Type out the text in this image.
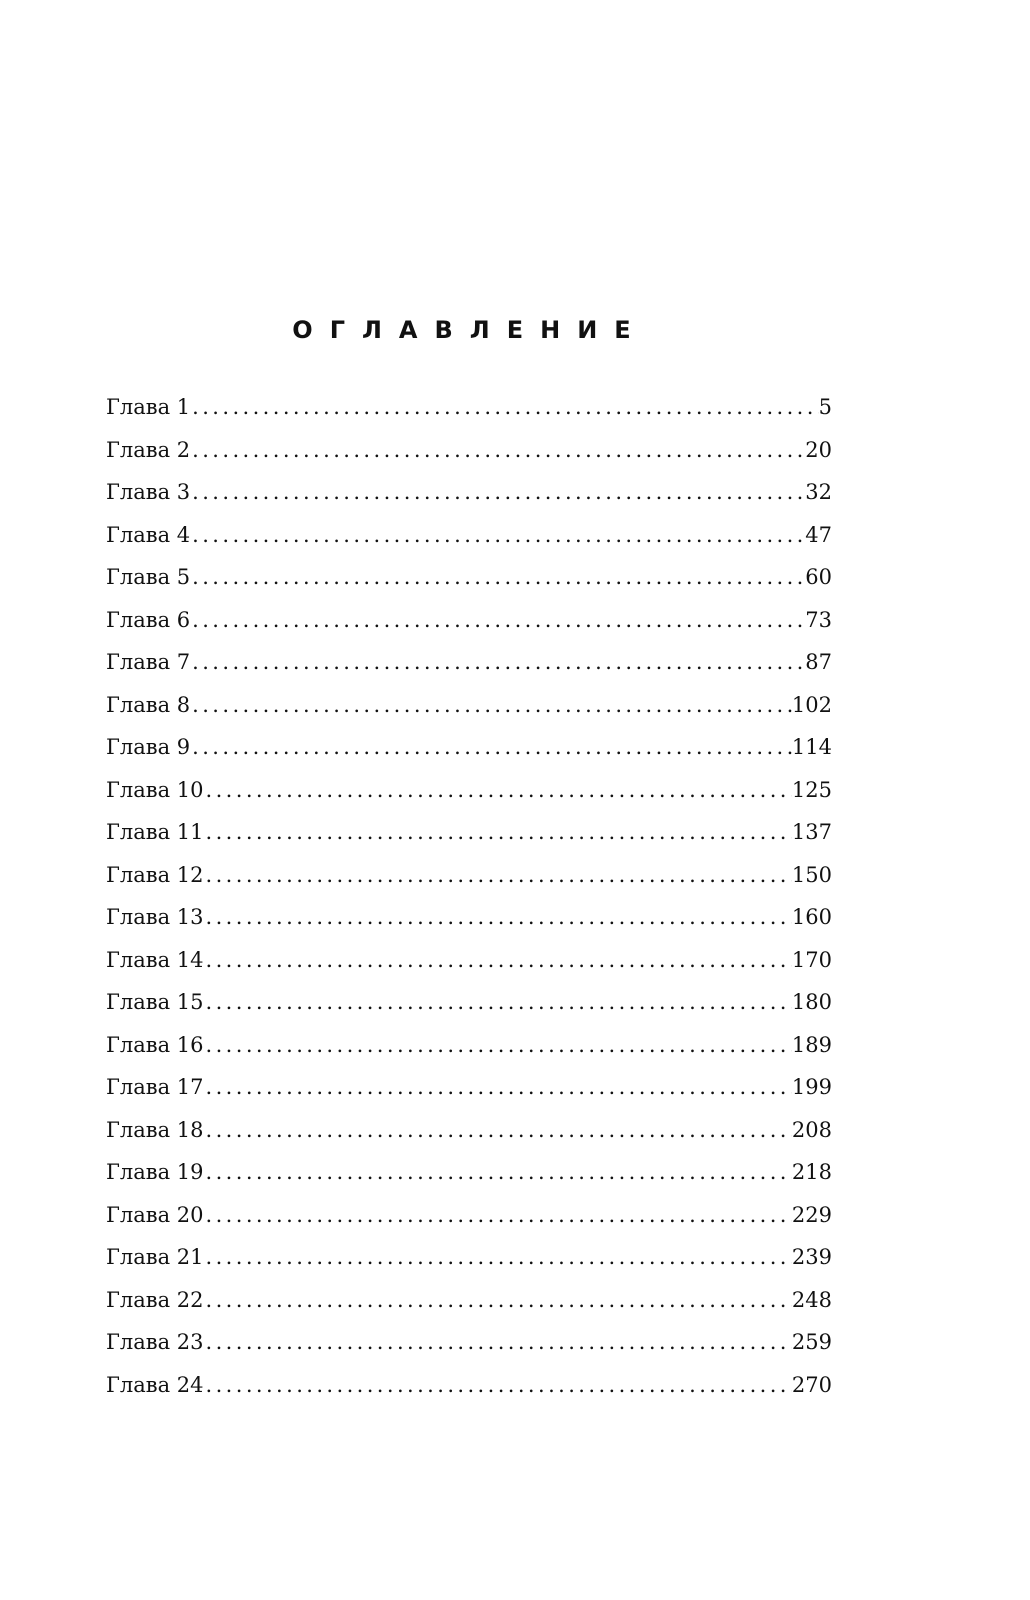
ОГЛАВЛЕНИЕ
Глава 1 .....	5
Глава 2 .....	20
Глава 3 .....	32
Глава 4 .....	47
Глава 5 .....	60
Глава 6 .....	73
Глава 7 .....	87
Глава 8 .....	102
Глава 9 .....	114
Глава 10 .....	125
Глава 11 .....	137
Глава 12 .....	150
Глава 13 .....	160
Глава 14 .....	170
Глава 15 .....	180
Глава 16 .....	189
Глава 17 .....	199
Глава 18 .....	208
Глава 19 .....	218
Глава 20 .....	229
Глава 21 .....	239
Глава 22 .....	248
Глава 23 .....	259
Глава 24 .....	270
